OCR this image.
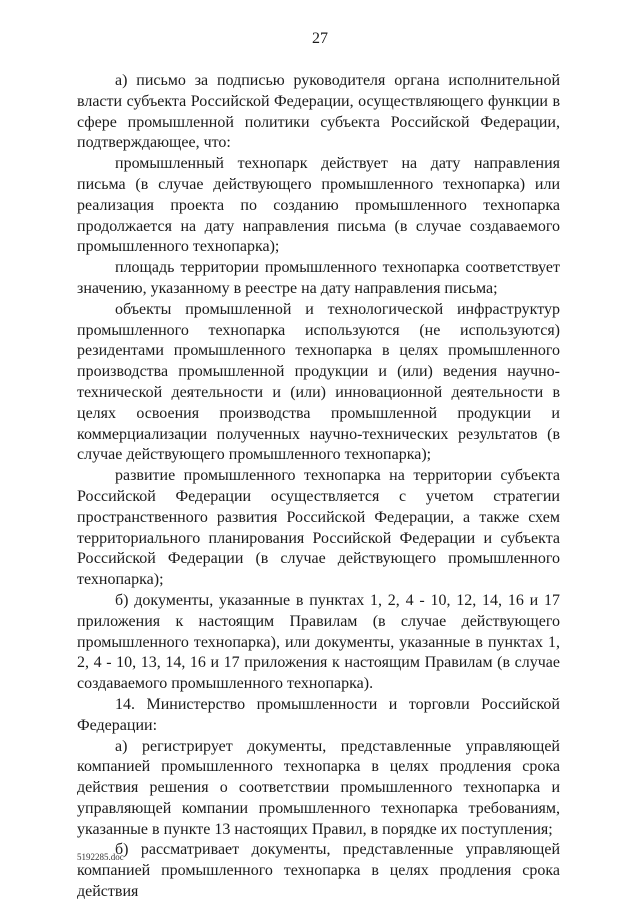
27

а) письмо за подписью руководителя органа исполнительной власти субъекта Российской Федерации, осуществляющего функции в сфере промышленной политики субъекта Российской Федерации, подтверждающее, что:

промышленный технопарк действует на дату направления письма (в случае действующего промышленного технопарка) или реализация проекта по созданию промышленного технопарка продолжается на дату направления письма (в случае создаваемого промышленного технопарка);

площадь территории промышленного технопарка соответствует значению, указанному в реестре на дату направления письма;

объекты промышленной и технологической инфраструктур промышленного технопарка используются (не используются) резидентами промышленного технопарка в целях промышленного производства промышленной продукции и (или) ведения научно-технической деятельности и (или) инновационной деятельности в целях освоения производства промышленной продукции и коммерциализации полученных научно-технических результатов (в случае действующего промышленного технопарка);

развитие промышленного технопарка на территории субъекта Российской Федерации осуществляется с учетом стратегии пространственного развития Российской Федерации, а также схем территориального планирования Российской Федерации и субъекта Российской Федерации (в случае действующего промышленного технопарка);

б) документы, указанные в пунктах 1, 2, 4 - 10, 12, 14, 16 и 17 приложения к настоящим Правилам (в случае действующего промышленного технопарка), или документы, указанные в пунктах 1, 2, 4 - 10, 13, 14, 16 и 17 приложения к настоящим Правилам (в случае создаваемого промышленного технопарка).

14. Министерство промышленности и торговли Российской Федерации:

а) регистрирует документы, представленные управляющей компанией промышленного технопарка в целях продления срока действия решения о соответствии промышленного технопарка и управляющей компании промышленного технопарка требованиям, указанные в пункте 13 настоящих Правил, в порядке их поступления;

б) рассматривает документы, представленные управляющей компанией промышленного технопарка в целях продления срока действия

5192285.doc
